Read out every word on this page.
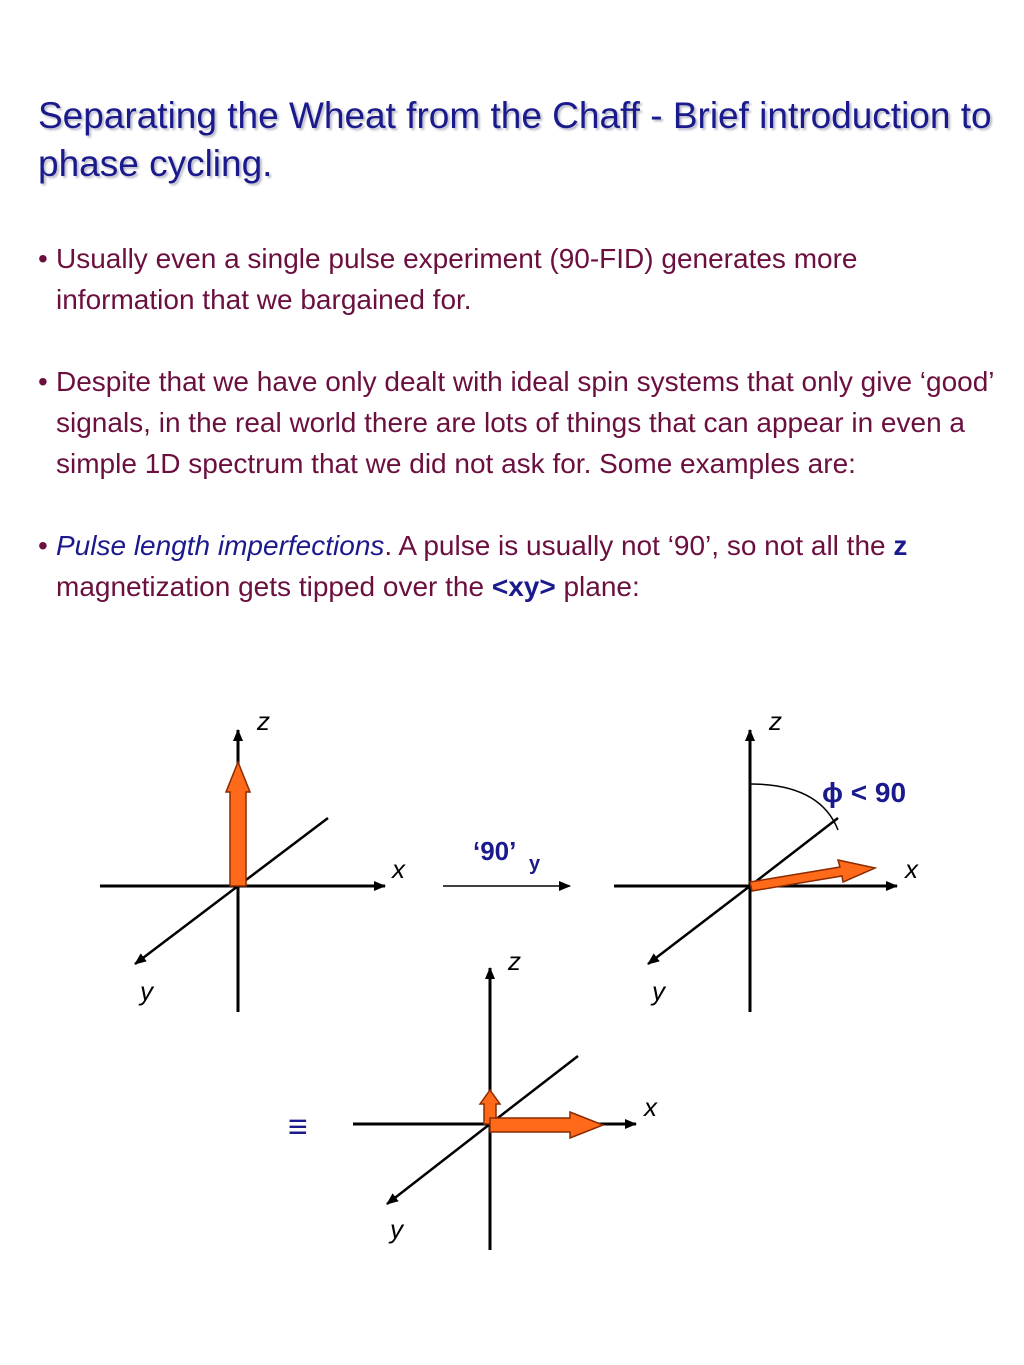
Separating the Wheat from the Chaff - Brief introduction to phase cycling.
• Usually even a single pulse experiment (90-FID) generates more information that we bargained for.
• Despite that we have only dealt with ideal spin systems that only give ‘good’ signals, in the real world there are lots of things that can appear in even a simple 1D spectrum that we did not ask for. Some examples are:
• Pulse length imperfections. A pulse is usually not ‘90’, so not all the z magnetization gets tipped over the <xy> plane:
z
x
y
‘90’ y
z
x
y
ϕ < 90
z
x
y
≡
